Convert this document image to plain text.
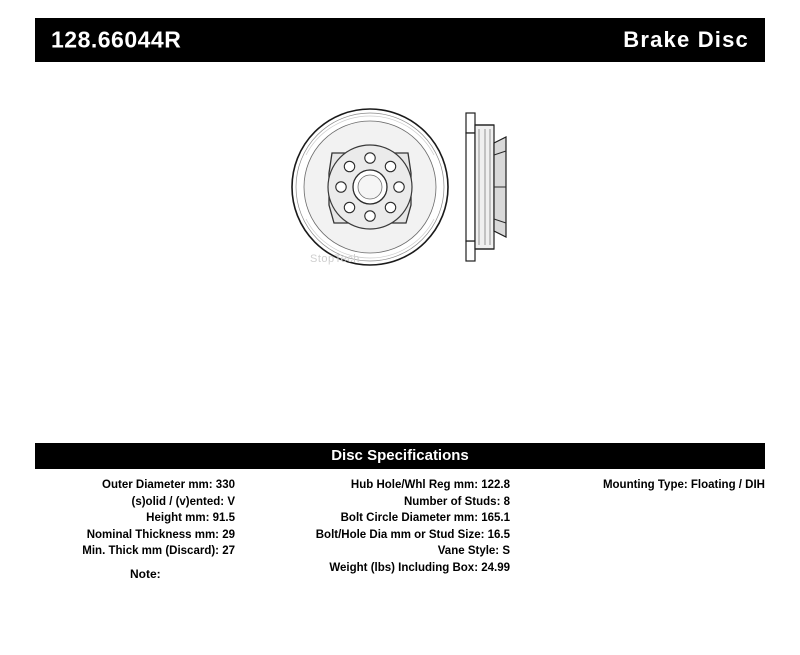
128.66044R	Brake Disc
StopTech
Disc Specifications
Outer Diameter mm: 330
(s)olid / (v)ented: V
Height mm: 91.5
Nominal Thickness mm: 29
Min. Thick mm (Discard): 27
Hub Hole/Whl Reg mm: 122.8
Number of Studs: 8
Bolt Circle Diameter mm: 165.1
Bolt/Hole Dia mm or Stud Size: 16.5
Vane Style: S
Weight (lbs) Including Box: 24.99
Mounting Type: Floating / DIH
Note:
